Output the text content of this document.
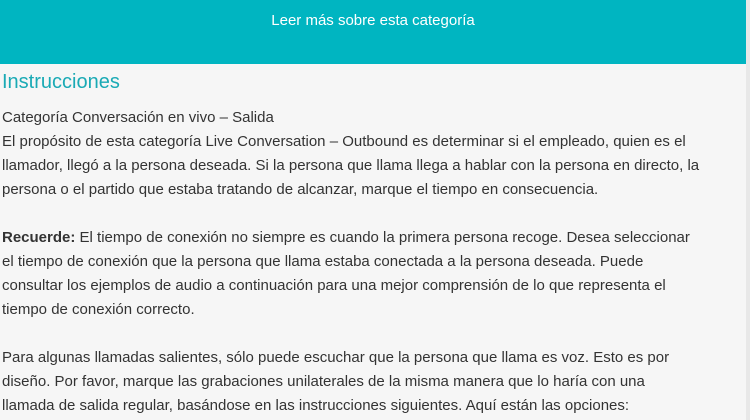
Leer más sobre esta categoría
Instrucciones

Categoría Conversación en vivo – Salida
El propósito de esta categoría Live Conversation – Outbound es determinar si el empleado, quien es el
llamador, llegó a la persona deseada. Si la persona que llama llega a hablar con la persona en directo, la
persona o el partido que estaba tratando de alcanzar, marque el tiempo en consecuencia.

Recuerde: El tiempo de conexión no siempre es cuando la primera persona recoge. Desea seleccionar
el tiempo de conexión que la persona que llama estaba conectada a la persona deseada. Puede
consultar los ejemplos de audio a continuación para una mejor comprensión de lo que representa el
tiempo de conexión correcto.

Para algunas llamadas salientes, sólo puede escuchar que la persona que llama es voz. Esto es por
diseño. Por favor, marque las grabaciones unilaterales de la misma manera que lo haría con una
llamada de salida regular, basándose en las instrucciones siguientes. Aquí están las opciones:
